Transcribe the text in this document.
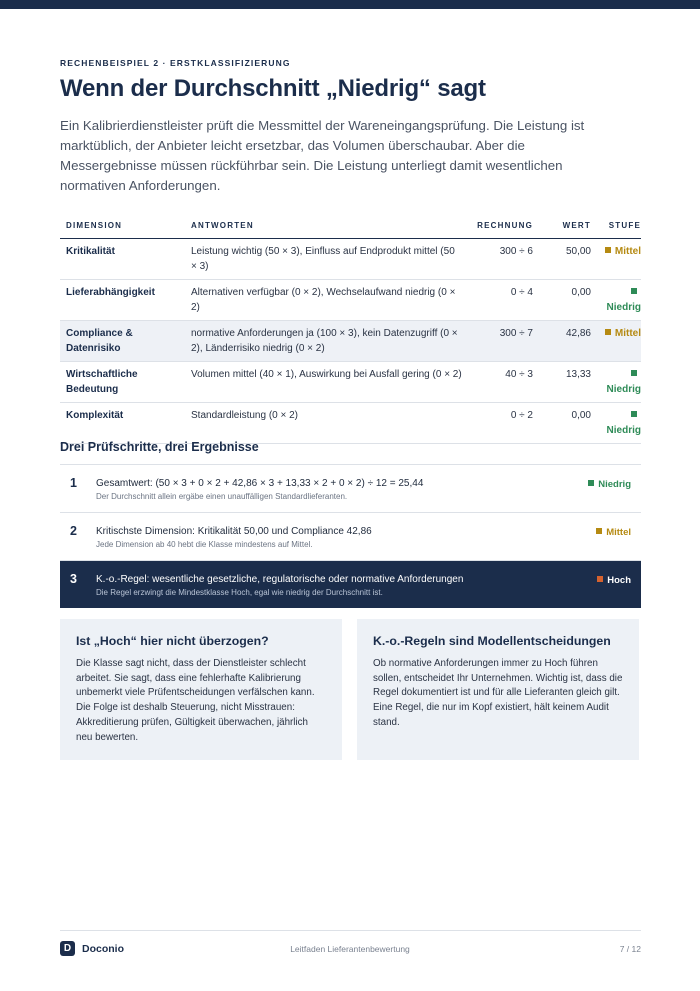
RECHENBEISPIEL 2 · ERSTKLASSIFIZIERUNG
Wenn der Durchschnitt „Niedrig“ sagt

Ein Kalibrierdienstleister prüft die Messmittel der Wareneingangsprüfung. Die Leistung ist marktüblich, der Anbieter leicht ersetzbar, das Volumen überschaubar. Aber die Messergebnisse müssen rückführbar sein. Die Leistung unterliegt damit wesentlichen normativen Anforderungen.

DIMENSION	ANTWORTEN	RECHNUNG	WERT	STUFE
Kritikalität	Leistung wichtig (50 × 3), Einfluss auf Endprodukt mittel (50 × 3)	300 ÷ 6	50,00	Mittel
Lieferabhängigkeit	Alternativen verfügbar (0 × 2), Wechselaufwand niedrig (0 × 2)	0 ÷ 4	0,00	Niedrig
Compliance & Datenrisiko	normative Anforderungen ja (100 × 3), kein Datenzugriff (0 × 2), Länderrisiko niedrig (0 × 2)	300 ÷ 7	42,86	Mittel
Wirtschaftliche Bedeutung	Volumen mittel (40 × 1), Auswirkung bei Ausfall gering (0 × 2)	40 ÷ 3	13,33	Niedrig
Komplexität	Standardleistung (0 × 2)	0 ÷ 2	0,00	Niedrig
Drei Prüfschritte, drei Ergebnisse
1 Gesamtwert: (50 × 3 + 0 × 2 + 42,86 × 3 + 13,33 × 2 + 0 × 2) ÷ 12 = 25,44
Der Durchschnitt allein ergäbe einen unauffälligen Standardlieferanten.
Niedrig
2 Kritischste Dimension: Kritikalität 50,00 und Compliance 42,86
Jede Dimension ab 40 hebt die Klasse mindestens auf Mittel.
Mittel
3 K.-o.-Regel: wesentliche gesetzliche, regulatorische oder normative Anforderungen
Die Regel erzwingt die Mindestklasse Hoch, egal wie niedrig der Durchschnitt ist.
Hoch
Ist „Hoch“ hier nicht überzogen?

Die Klasse sagt nicht, dass der Dienstleister schlecht arbeitet. Sie sagt, dass eine fehlerhafte Kalibrierung unbemerkt viele Prüfentscheidungen verfälschen kann. Die Folge ist deshalb Steuerung, nicht Misstrauen: Akkreditierung prüfen, Gültigkeit überwachen, jährlich neu bewerten.

K.-o.-Regeln sind Modellentscheidungen

Ob normative Anforderungen immer zu Hoch führen sollen, entscheidet Ihr Unternehmen. Wichtig ist, dass die Regel dokumentiert ist und für alle Lieferanten gleich gilt. Eine Regel, die nur im Kopf existiert, hält keinem Audit stand.

D	Doconio	Leitfaden Lieferantenbewertung	7 / 12
